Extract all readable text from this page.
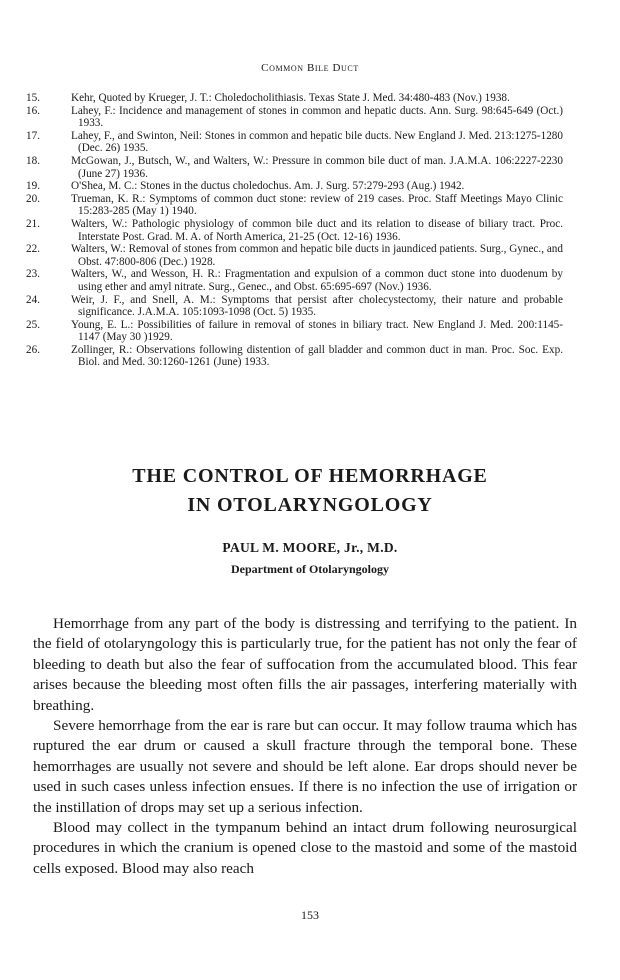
Common Bile Duct
15.	Kehr, Quoted by Krueger, J. T.: Choledocholithiasis. Texas State J. Med. 34:480-483 (Nov.) 1938.
16.	Lahey, F.: Incidence and management of stones in common and hepatic ducts. Ann. Surg. 98:645-649 (Oct.) 1933.
17.	Lahey, F., and Swinton, Neil: Stones in common and hepatic bile ducts. New England J. Med. 213:1275-1280 (Dec. 26) 1935.
18.	McGowan, J., Butsch, W., and Walters, W.: Pressure in common bile duct of man. J.A.M.A. 106:2227-2230 (June 27) 1936.
19.	O'Shea, M. C.: Stones in the ductus choledochus. Am. J. Surg. 57:279-293 (Aug.) 1942.
20.	Trueman, K. R.: Symptoms of common duct stone: review of 219 cases. Proc. Staff Meetings Mayo Clinic 15:283-285 (May 1) 1940.
21.	Walters, W.: Pathologic physiology of common bile duct and its relation to disease of biliary tract. Proc. Interstate Post. Grad. M. A. of North America, 21-25 (Oct. 12-16) 1936.
22.	Walters, W.: Removal of stones from common and hepatic bile ducts in jaundiced patients. Surg., Gynec., and Obst. 47:800-806 (Dec.) 1928.
23.	Walters, W., and Wesson, H. R.: Fragmentation and expulsion of a common duct stone into duodenum by using ether and amyl nitrate. Surg., Genec., and Obst. 65:695-697 (Nov.) 1936.
24.	Weir, J. F., and Snell, A. M.: Symptoms that persist after cholecystectomy, their nature and probable significance. J.A.M.A. 105:1093-1098 (Oct. 5) 1935.
25.	Young, E. L.: Possibilities of failure in removal of stones in biliary tract. New England J. Med. 200:1145-1147 (May 30 )1929.
26.	Zollinger, R.: Observations following distention of gall bladder and common duct in man. Proc. Soc. Exp. Biol. and Med. 30:1260-1261 (June) 1933.
THE CONTROL OF HEMORRHAGE
IN OTOLARYNGOLOGY
PAUL M. MOORE, Jr., M.D.
Department of Otolaryngology

Hemorrhage from any part of the body is distressing and terrifying to the patient. In the field of otolaryngology this is particularly true, for the patient has not only the fear of bleeding to death but also the fear of suffocation from the accumulated blood. This fear arises because the bleeding most often fills the air passages, interfering materially with breathing.

Severe hemorrhage from the ear is rare but can occur. It may follow trauma which has ruptured the ear drum or caused a skull fracture through the temporal bone. These hemorrhages are usually not severe and should be left alone. Ear drops should never be used in such cases unless infection ensues. If there is no infection the use of irrigation or the instillation of drops may set up a serious infection.

Blood may collect in the tympanum behind an intact drum following neurosurgical procedures in which the cranium is opened close to the mastoid and some of the mastoid cells exposed. Blood may also reach

153
